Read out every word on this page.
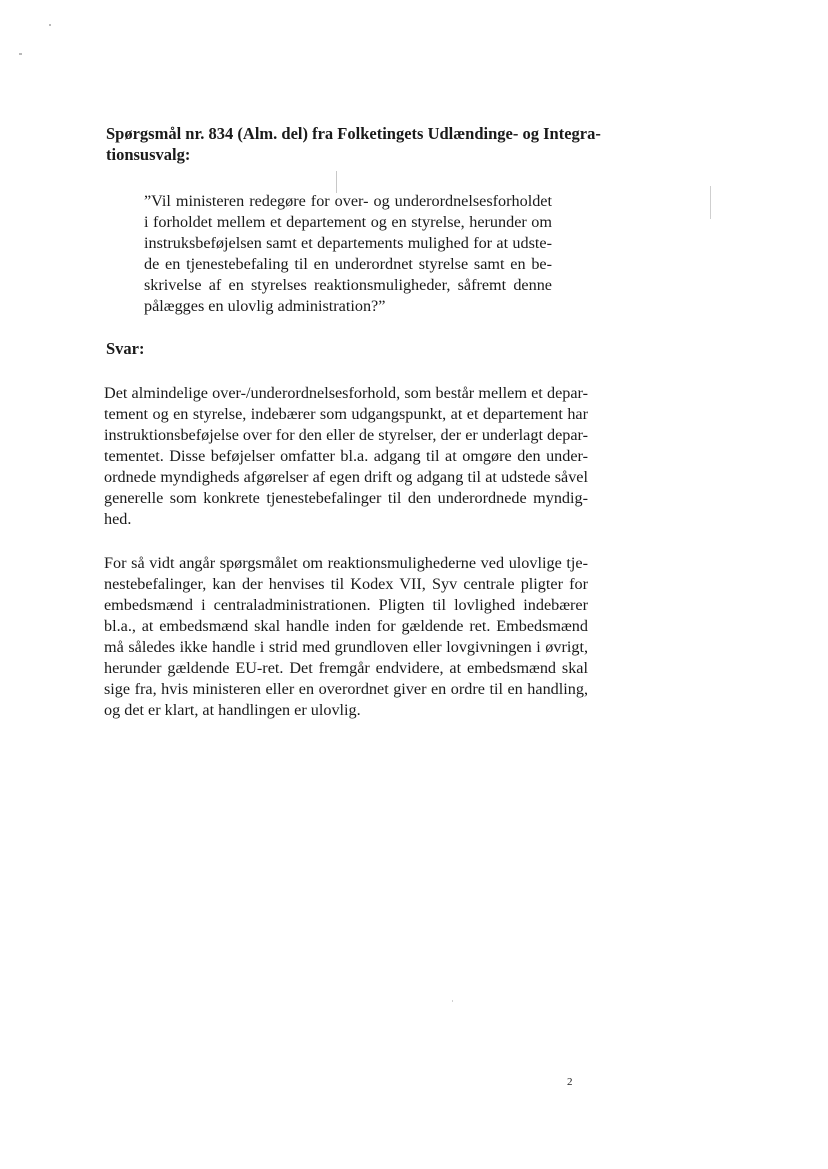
Spørgsmål nr. 834 (Alm. del) fra Folketingets Udlændinge- og Integra-
tionsusvalg:
”Vil ministeren redegøre for over- og underordnelsesforholdet
i forholdet mellem et departement og en styrelse, herunder om
instruksbeføjelsen samt et departements mulighed for at udste-
de en tjenestebefaling til en underordnet styrelse samt en be-
skrivelse af en styrelses reaktionsmuligheder, såfremt denne
pålægges en ulovlig administration?”
Svar:
Det almindelige over-/underordnelsesforhold, som består mellem et depar-
tement og en styrelse, indebærer som udgangspunkt, at et departement har
instruktionsbeføjelse over for den eller de styrelser, der er underlagt depar-
tementet. Disse beføjelser omfatter bl.a. adgang til at omgøre den under-
ordnede myndigheds afgørelser af egen drift og adgang til at udstede såvel
generelle som konkrete tjenestebefalinger til den underordnede myndig-
hed.
For så vidt angår spørgsmålet om reaktionsmulighederne ved ulovlige tje-
nestebefalinger, kan der henvises til Kodex VII, Syv centrale pligter for
embedsmænd i centraladministrationen. Pligten til lovlighed indebærer
bl.a., at embedsmænd skal handle inden for gældende ret. Embedsmænd
må således ikke handle i strid med grundloven eller lovgivningen i øvrigt,
herunder gældende EU-ret. Det fremgår endvidere, at embedsmænd skal
sige fra, hvis ministeren eller en overordnet giver en ordre til en handling,
og det er klart, at handlingen er ulovlig.
2
